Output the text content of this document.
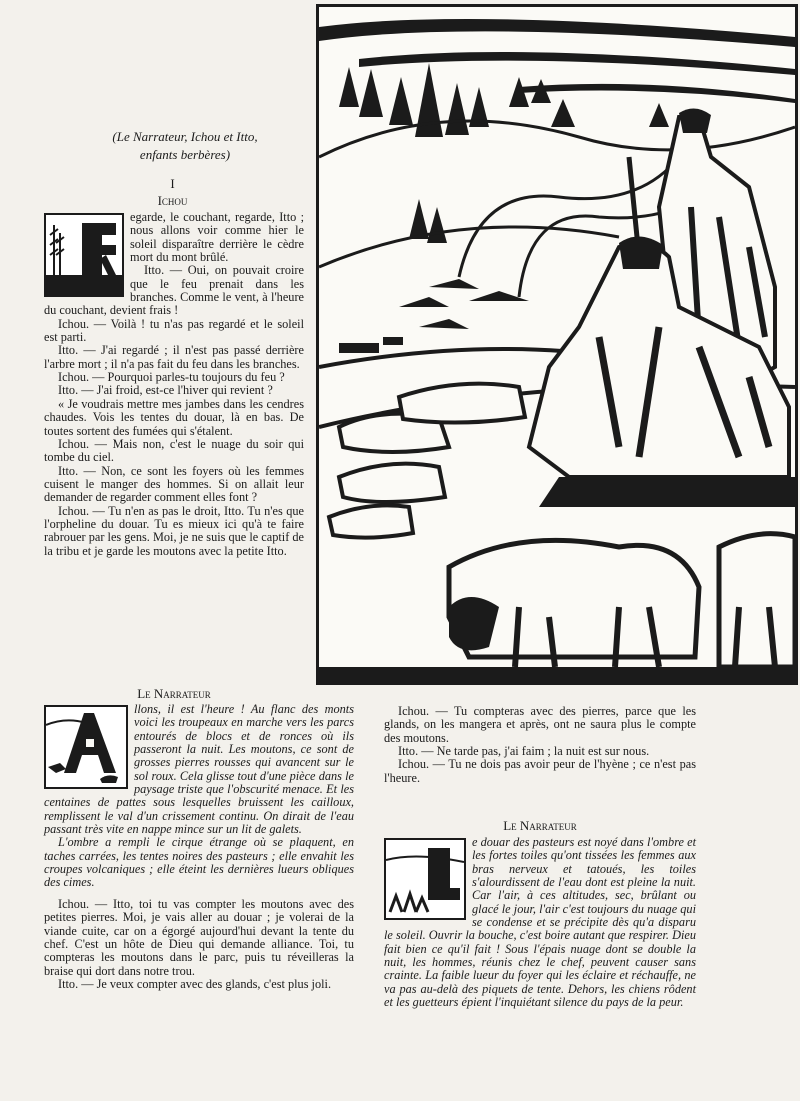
(Le Narrateur, Ichou et Itto,
enfants berbères)
I
Ichou

egarde, le couchant, regarde, Itto ; nous allons voir comme hier le soleil disparaître derrière le cèdre mort du mont brûlé.

Itto. — Oui, on pouvait croire que le feu prenait dans les branches. Comme le vent, à l'heure du couchant, devient frais !

Ichou. — Voilà ! tu n'as pas regardé et le soleil est parti.

Itto. — J'ai regardé ; il n'est pas passé derrière l'arbre mort ; il n'a pas fait du feu dans les branches.

Ichou. — Pourquoi parles-tu toujours du feu ?

Itto. — J'ai froid, est-ce l'hiver qui revient ?

« Je voudrais mettre mes jambes dans les cendres chaudes. Vois les tentes du douar, là en bas. De toutes sortent des fumées qui s'étalent.

Ichou. — Mais non, c'est le nuage du soir qui tombe du ciel.

Itto. — Non, ce sont les foyers où les femmes cuisent le manger des hommes. Si on allait leur demander de regarder comment elles font ?

Ichou. — Tu n'en as pas le droit, Itto. Tu n'es que l'orpheline du douar. Tu es mieux ici qu'à te faire rabrouer par les gens. Moi, je ne suis que le captif de la tribu et je garde les moutons avec la petite Itto.

Le Narrateur

llons, il est l'heure ! Au flanc des monts voici les troupeaux en marche vers les parcs entourés de blocs et de ronces où ils passeront la nuit. Les moutons, ce sont de grosses pierres rousses qui avancent sur le sol roux. Cela glisse tout d'une pièce dans le paysage triste que l'obscurité menace. Et les centaines de pattes sous lesquelles bruissent les cailloux, remplissent le val d'un crissement continu. On dirait de l'eau passant très vite en nappe mince sur un lit de galets.

L'ombre a rempli le cirque étrange où se plaquent, en taches carrées, les tentes noires des pasteurs ; elle envahit les croupes volcaniques ; elle éteint les dernières lueurs obliques des cimes.

Ichou. — Itto, toi tu vas compter les moutons avec des petites pierres. Moi, je vais aller au douar ; je volerai de la viande cuite, car on a égorgé aujourd'hui devant la tente du chef. C'est un hôte de Dieu qui demande alliance. Toi, tu compteras les moutons dans le parc, puis tu réveilleras la braise qui dort dans notre trou.

Itto. — Je veux compter avec des glands, c'est plus joli.

Ichou. — Tu compteras avec des pierres, parce que les glands, on les mangera et après, ont ne saura plus le compte des moutons.

Itto. — Ne tarde pas, j'ai faim ; la nuit est sur nous.

Ichou. — Tu ne dois pas avoir peur de l'hyène ; ce n'est pas l'heure.

Le Narrateur

e douar des pasteurs est noyé dans l'ombre et les fortes toiles qu'ont tissées les femmes aux bras nerveux et tatoués, les toiles s'alourdissent de l'eau dont est pleine la nuit. Car l'air, à ces altitudes, sec, brûlant ou glacé le jour, l'air c'est toujours du nuage qui se condense et se précipite dès qu'a disparu le soleil. Ouvrir la bouche, c'est boire autant que respirer. Dieu fait bien ce qu'il fait ! Sous l'épais nuage dont se double la nuit, les hommes, réunis chez le chef, peuvent causer sans crainte. La faible lueur du foyer qui les éclaire et réchauffe, ne va pas au-delà des piquets de tente. Dehors, les chiens rôdent et les guetteurs épient l'inquiétant silence du pays de la peur.
